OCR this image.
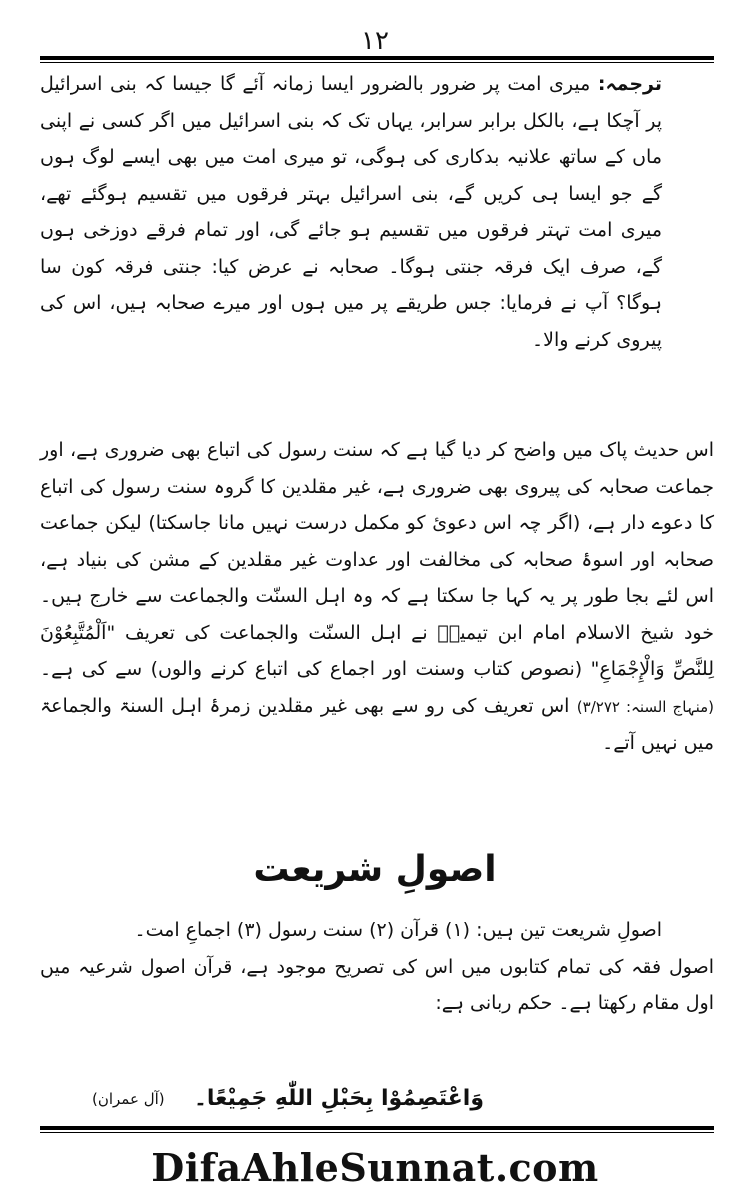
١٢

ترجمہ: میری امت پر ضرور بالضرور ایسا زمانہ آئے گا جیسا کہ بنی اسرائیل پر آچکا ہے، بالکل برابر سرابر، یہاں تک کہ بنی اسرائیل میں اگر کسی نے اپنی ماں کے ساتھ علانیہ بدکاری کی ہوگی، تو میری امت میں بھی ایسے لوگ ہوں گے جو ایسا ہی کریں گے، بنی اسرائیل بہتر فرقوں میں تقسیم ہوگئے تھے، میری امت تہتر فرقوں میں تقسیم ہو جائے گی، اور تمام فرقے دوزخی ہوں گے، صرف ایک فرقہ جنتی ہوگا۔ صحابہ نے عرض کیا: جنتی فرقہ کون سا ہوگا؟ آپ نے فرمایا: جس طریقے پر میں ہوں اور میرے صحابہ ہیں، اس کی پیروی کرنے والا۔

اس حدیث پاک میں واضح کر دیا گیا ہے کہ سنت رسول کی اتباع بھی ضروری ہے، اور جماعت صحابہ کی پیروی بھی ضروری ہے، غیر مقلدین کا گروہ سنت رسول کی اتباع کا دعوے دار ہے، (اگر چہ اس دعوئ کو مکمل درست نہیں مانا جاسکتا) لیکن جماعت صحابہ اور اسوۂ صحابہ کی مخالفت اور عداوت غیر مقلدین کے مشن کی بنیاد ہے، اس لئے بجا طور پر یہ کہا جا سکتا ہے کہ وہ اہل السنّت والجماعت سے خارج ہیں۔ خود شیخ الاسلام امام ابن تیمیہؒ نے اہل السنّت والجماعت کی تعریف "اَلْمُتَّبِعُوْنَ لِلنَّصِّ وَالْإِجْمَاعِ" (نصوص کتاب وسنت اور اجماع کی اتباع کرنے والوں) سے کی ہے۔ (منہاج السنہ: ۳/۲۷۲) اس تعریف کی رو سے بھی غیر مقلدین زمرۂ اہل السنۃ والجماعۃ میں نہیں آتے۔

اصولِ شریعت

اصولِ شریعت تین ہیں: (۱) قرآن (۲) سنت رسول (۳) اجماعِ امت۔

اصول فقہ کی تمام کتابوں میں اس کی تصریح موجود ہے، قرآن اصول شرعیہ میں اول مقام رکھتا ہے۔ حکم ربانی ہے:

وَاعْتَصِمُوْا بِحَبْلِ اللّٰهِ جَمِیْعًا۔
(آل عمران)
DifaAhleSunnat.com
